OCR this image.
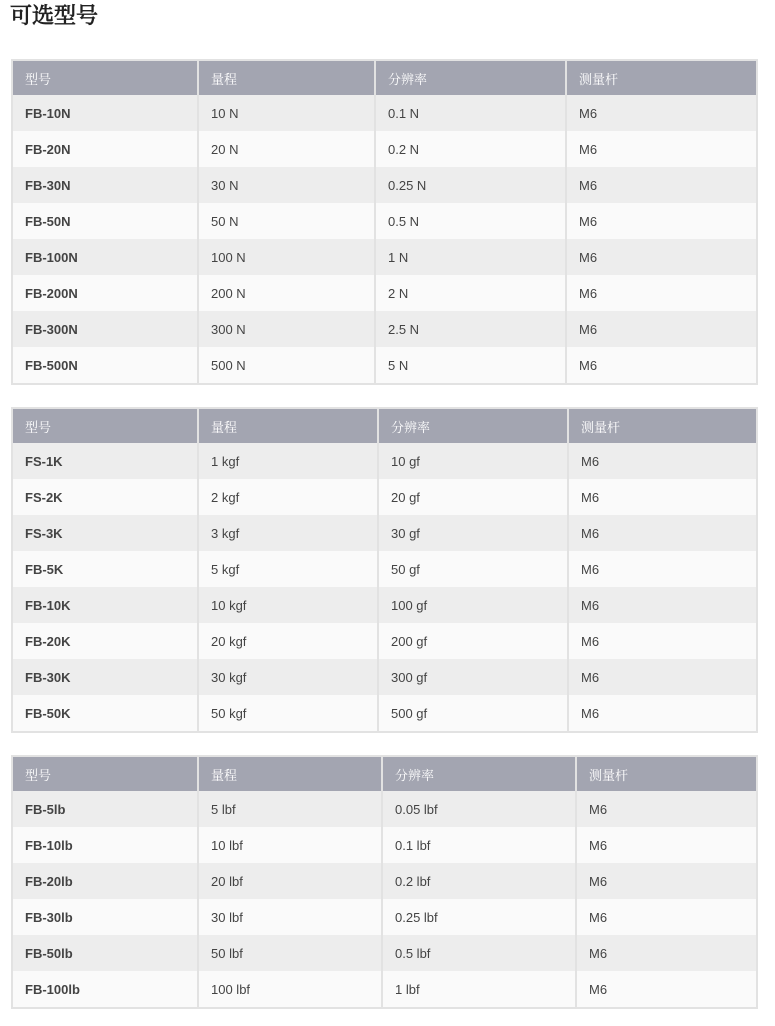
可选型号
型号	量程	分辨率	测量杆
FB-10N	10 N	0.1 N	M6
FB-20N	20 N	0.2 N	M6
FB-30N	30 N	0.25 N	M6
FB-50N	50 N	0.5 N	M6
FB-100N	100 N	1 N	M6
FB-200N	200 N	2 N	M6
FB-300N	300 N	2.5 N	M6
FB-500N	500 N	5 N	M6
型号	量程	分辨率	测量杆
FS-1K	1 kgf	10 gf	M6
FS-2K	2 kgf	20 gf	M6
FS-3K	3 kgf	30 gf	M6
FB-5K	5 kgf	50 gf	M6
FB-10K	10 kgf	100 gf	M6
FB-20K	20 kgf	200 gf	M6
FB-30K	30 kgf	300 gf	M6
FB-50K	50 kgf	500 gf	M6
型号	量程	分辨率	测量杆
FB-5lb	5 lbf	0.05 lbf	M6
FB-10lb	10 lbf	0.1 lbf	M6
FB-20lb	20 lbf	0.2 lbf	M6
FB-30lb	30 lbf	0.25 lbf	M6
FB-50lb	50 lbf	0.5 lbf	M6
FB-100lb	100 lbf	1 lbf	M6
